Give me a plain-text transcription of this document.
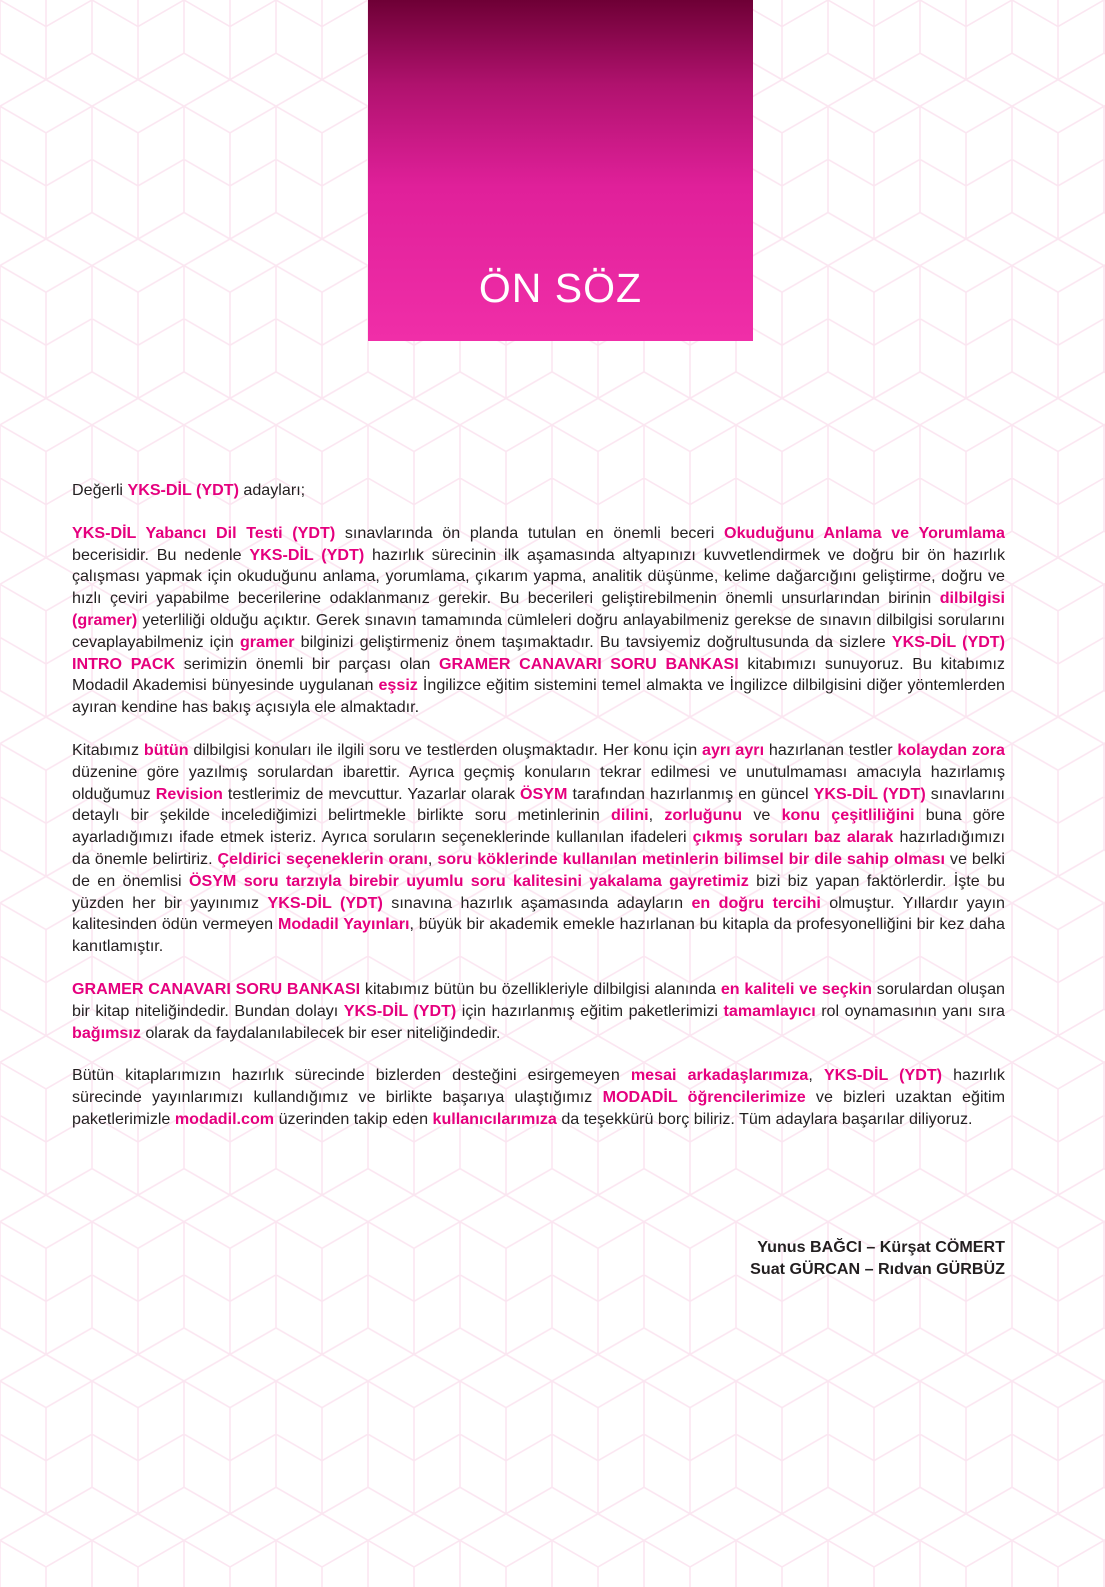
ÖN SÖZ

Değerli YKS-DİL (YDT) adayları;

YKS-DİL Yabancı Dil Testi (YDT) sınavlarında ön planda tutulan en önemli beceri Okuduğunu Anlama ve Yorumlama becerisidir. Bu nedenle YKS-DİL (YDT) hazırlık sürecinin ilk aşamasında altyapınızı kuvvetlendirmek ve doğru bir ön hazırlık çalışması yapmak için okuduğunu anlama, yorumlama, çıkarım yapma, analitik düşünme, kelime dağarcığını geliştirme, doğru ve hızlı çeviri yapabilme becerilerine odaklanmanız gerekir. Bu becerileri geliştirebilmenin önemli unsurlarından birinin dilbilgisi (gramer) yeterliliği olduğu açıktır. Gerek sınavın tamamında cümleleri doğru anlayabilmeniz gerekse de sınavın dilbilgisi sorularını cevaplayabilmeniz için gramer bilginizi geliştirmeniz önem taşımaktadır. Bu tavsiyemiz doğrultusunda da sizlere YKS-DİL (YDT) INTRO PACK serimizin önemli bir parçası olan GRAMER CANAVARI SORU BANKASI kitabımızı sunuyoruz. Bu kitabımız Modadil Akademisi bünyesinde uygulanan eşsiz İngilizce eğitim sistemini temel almakta ve İngilizce dilbilgisini diğer yöntemlerden ayıran kendine has bakış açısıyla ele almaktadır.

Kitabımız bütün dilbilgisi konuları ile ilgili soru ve testlerden oluşmaktadır. Her konu için ayrı ayrı hazırlanan testler kolaydan zora düzenine göre yazılmış sorulardan ibarettir. Ayrıca geçmiş konuların tekrar edilmesi ve unutulmaması amacıyla hazırlamış olduğumuz Revision testlerimiz de mevcuttur. Yazarlar olarak ÖSYM tarafından hazırlanmış en güncel YKS-DİL (YDT) sınavlarını detaylı bir şekilde incelediğimizi belirtmekle birlikte soru metinlerinin dilini, zorluğunu ve konu çeşitliliğini buna göre ayarladığımızı ifade etmek isteriz. Ayrıca soruların seçeneklerinde kullanılan ifadeleri çıkmış soruları baz alarak hazırladığımızı da önemle belirtiriz. Çeldirici seçeneklerin oranı, soru köklerinde kullanılan metinlerin bilimsel bir dile sahip olması ve belki de en önemlisi ÖSYM soru tarzıyla birebir uyumlu soru kalitesini yakalama gayretimiz bizi biz yapan faktörlerdir. İşte bu yüzden her bir yayınımız YKS-DİL (YDT) sınavına hazırlık aşamasında adayların en doğru tercihi olmuştur. Yıllardır yayın kalitesinden ödün vermeyen Modadil Yayınları, büyük bir akademik emekle hazırlanan bu kitapla da profesyonelliğini bir kez daha kanıtlamıştır.

GRAMER CANAVARI SORU BANKASI kitabımız bütün bu özellikleriyle dilbilgisi alanında en kaliteli ve seçkin sorulardan oluşan bir kitap niteliğindedir. Bundan dolayı YKS-DİL (YDT) için hazırlanmış eğitim paketlerimizi tamamlayıcı rol oynamasının yanı sıra bağımsız olarak da faydalanılabilecek bir eser niteliğindedir.

Bütün kitaplarımızın hazırlık sürecinde bizlerden desteğini esirgemeyen mesai arkadaşlarımıza, YKS-DİL (YDT) hazırlık sürecinde yayınlarımızı kullandığımız ve birlikte başarıya ulaştığımız MODADİL öğrencilerimize ve bizleri uzaktan eğitim paketlerimizle modadil.com üzerinden takip eden kullanıcılarımıza da teşekkürü borç biliriz. Tüm adaylara başarılar diliyoruz.

Yunus BAĞCI – Kürşat CÖMERT
Suat GÜRCAN – Rıdvan GÜRBÜZ
